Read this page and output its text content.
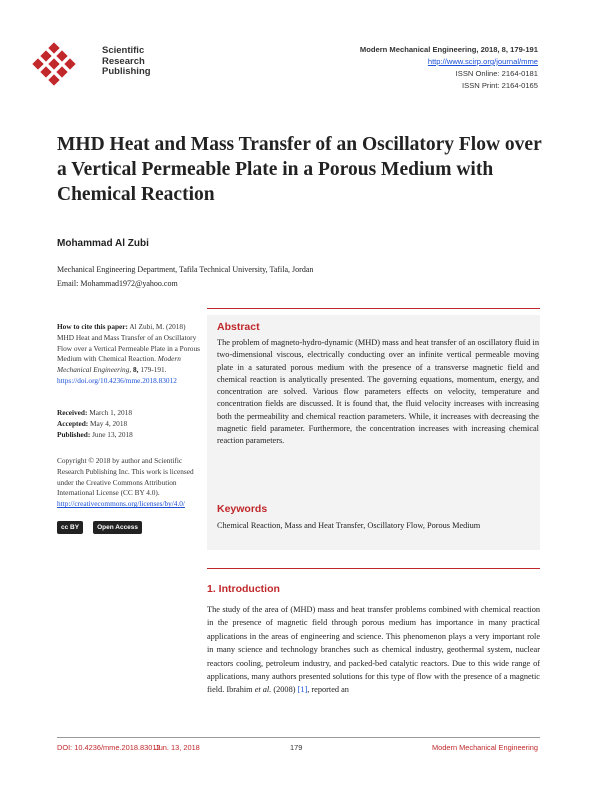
Scientific
Research
Publishing
Modern Mechanical Engineering, 2018, 8, 179-191
http://www.scirp.org/journal/mme
ISSN Online: 2164-0181
ISSN Print: 2164-0165
MHD Heat and Mass Transfer of an Oscillatory Flow over a Vertical Permeable Plate in a Porous Medium with Chemical Reaction
Mohammad Al Zubi
Mechanical Engineering Department, Tafila Technical University, Tafila, Jordan
Email: Mohammad1972@yahoo.com
How to cite this paper: Al Zubi, M. (2018) MHD Heat and Mass Transfer of an Oscillatory Flow over a Vertical Permeable Plate in a Porous Medium with Chemical Reaction. Modern Mechanical Engineering, 8, 179-191. https://doi.org/10.4236/mme.2018.83012
Received: March 1, 2018
Accepted: May 4, 2018
Published: June 13, 2018
Copyright © 2018 by author and Scientific Research Publishing Inc. This work is licensed under the Creative Commons Attribution International License (CC BY 4.0).
http://creativecommons.org/licenses/by/4.0/
cc BY	Open Access
Abstract
The problem of magneto-hydro-dynamic (MHD) mass and heat transfer of an oscillatory fluid in two-dimensional viscous, electrically conducting over an infinite vertical permeable moving plate in a saturated porous medium with the presence of a transverse magnetic field and chemical reaction is analytically presented. The governing equations, momentum, energy, and concentration are solved. Various flow parameters effects on velocity, temperature and concentration fields are discussed. It is found that, the fluid velocity increases with increasing both the permeability and chemical reaction parameters. While, it increases with decreasing the magnetic field parameter. Furthermore, the concentration increases with increasing chemical reaction parameters.
Keywords
Chemical Reaction, Mass and Heat Transfer, Oscillatory Flow, Porous Medium
1. Introduction
The study of the area of (MHD) mass and heat transfer problems combined with chemical reaction in the presence of magnetic field through porous medium has importance in many practical applications in the areas of engineering and science. This phenomenon plays a very important role in many science and technology branches such as chemical industry, geothermal system, nuclear reactors cooling, petroleum industry, and packed-bed catalytic reactors. Due to this wide range of applications, many authors presented solutions for this type of flow with the presence of a magnetic field. Ibrahim et al. (2008) [1], reported an
DOI: 10.4236/mme.2018.83012
Jun. 13, 2018	179	Modern Mechanical Engineering
